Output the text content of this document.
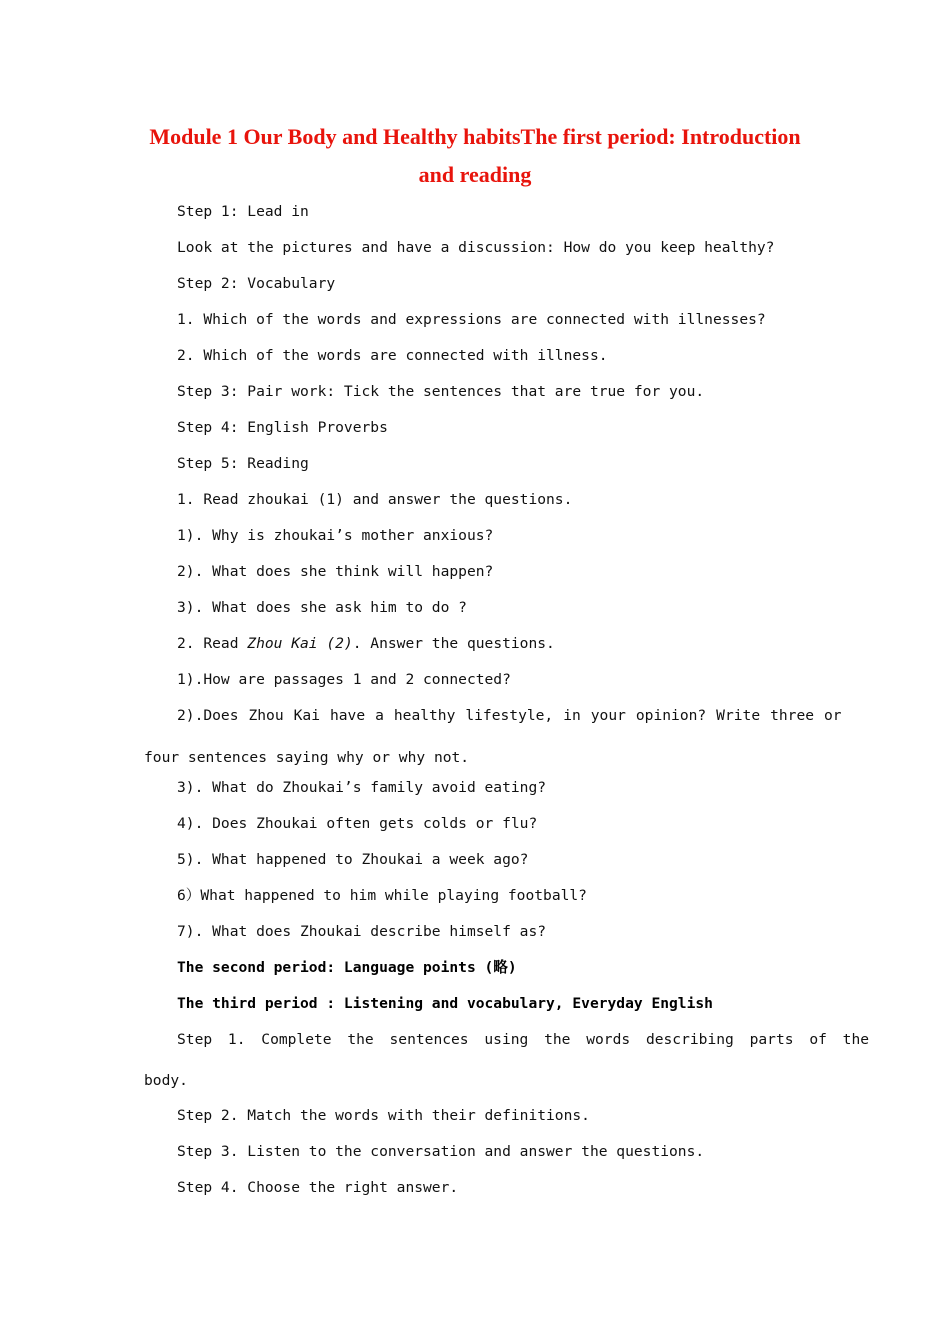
Module 1 Our Body and Healthy habitsThe first period: Introduction
and reading
Step 1: Lead in
Look at the pictures and have a discussion: How do you keep healthy?
Step 2: Vocabulary
1. Which of the words and expressions are connected with illnesses?
2. Which of the words are connected with illness.
Step 3: Pair work: Tick the sentences that are true for you.
Step 4: English Proverbs
Step 5: Reading
1. Read zhoukai (1) and answer the questions.
1). Why is zhoukai’s mother anxious?
2). What does she think will happen?
3). What does she ask him to do ?
2. Read Zhou Kai (2). Answer the questions.
1).How are passages 1 and 2 connected?
2).Does Zhou Kai have a healthy lifestyle, in your opinion? Write three or
four sentences saying why or why not.
3). What do Zhoukai’s family avoid eating?
4). Does Zhoukai often gets colds or flu?
5). What happened to Zhoukai a week ago?
6）What happened to him while playing football?
7). What does Zhoukai describe himself as?
The second period: Language points (略)
The third period : Listening and vocabulary, Everyday English
Step 1. Complete the sentences using the words describing parts of the
body.
Step 2. Match the words with their definitions.
Step 3. Listen to the conversation and answer the questions.
Step 4. Choose the right answer.
